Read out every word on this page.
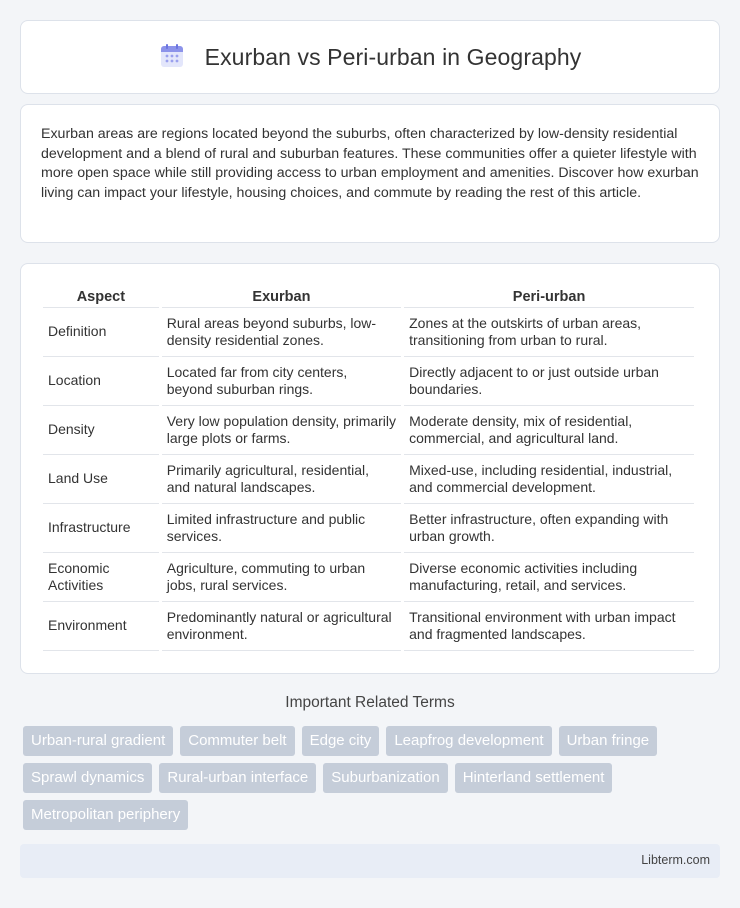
Exurban vs Peri-urban in Geography

Exurban areas are regions located beyond the suburbs, often characterized by low-density residential development and a blend of rural and suburban features. These communities offer a quieter lifestyle with more open space while still providing access to urban employment and amenities. Discover how exurban living can impact your lifestyle, housing choices, and commute by reading the rest of this article.

Aspect	Exurban	Peri-urban
Definition	Rural areas beyond suburbs, low-density residential zones.	Zones at the outskirts of urban areas, transitioning from urban to rural.
Location	Located far from city centers, beyond suburban rings.	Directly adjacent to or just outside urban boundaries.
Density	Very low population density, primarily large plots or farms.	Moderate density, mix of residential, commercial, and agricultural land.
Land Use	Primarily agricultural, residential, and natural landscapes.	Mixed-use, including residential, industrial, and commercial development.
Infrastructure	Limited infrastructure and public services.	Better infrastructure, often expanding with urban growth.
Economic Activities	Agriculture, commuting to urban jobs, rural services.	Diverse economic activities including manufacturing, retail, and services.
Environment	Predominantly natural or agricultural environment.	Transitional environment with urban impact and fragmented landscapes.
Important Related Terms
Urban-rural gradient	Commuter belt	Edge city	Leapfrog development	Urban fringe
Sprawl dynamics	Rural-urban interface	Suburbanization	Hinterland settlement
Metropolitan periphery
Libterm.com
